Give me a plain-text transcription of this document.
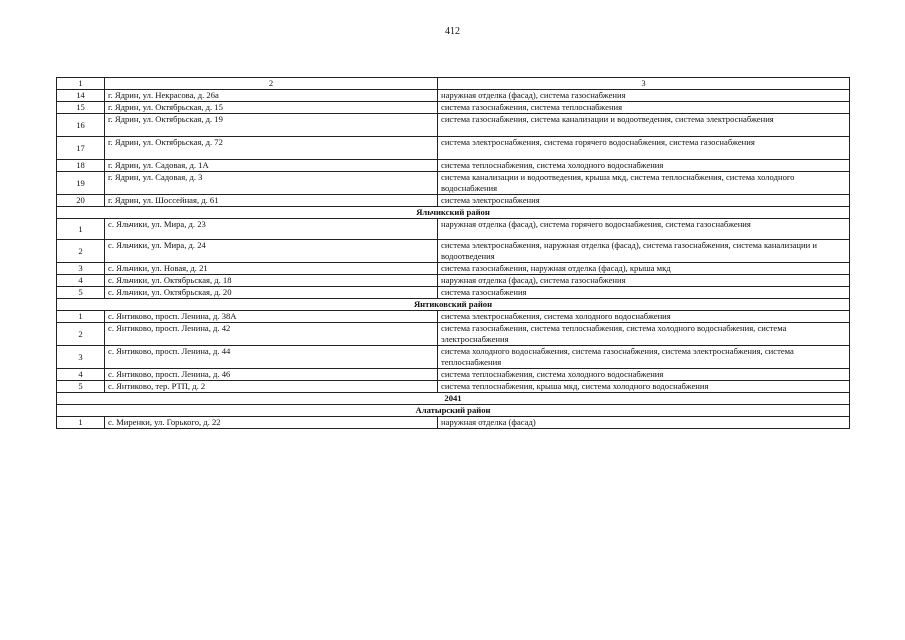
412
1	2	3
14	г. Ядрин, ул. Некрасова, д. 26а	наружная отделка (фасад), система газоснабжения
15	г. Ядрин, ул. Октябрьская, д. 15	система газоснабжения, система теплоснабжения
16	г. Ядрин, ул. Октябрьская, д. 19	система газоснабжения, система канализации и водоотведения, система электроснабжения
17	г. Ядрин, ул. Октябрьская, д. 72	система электроснабжения, система горячего водоснабжения, система газоснабжения
18	г. Ядрин, ул. Садовая, д. 1А	система теплоснабжения, система холодного водоснабжения
19	г. Ядрин, ул. Садовая, д. 3	система канализации и водоотведения, крыша мкд, система теплоснабжения, система холодного водоснабжения
20	г. Ядрин, ул. Шоссейная, д. 61	система электроснабжения
Яльчикский район		
1	с. Яльчики, ул. Мира, д. 23	наружная отделка (фасад), система горячего водоснабжения, система газоснабжения
2	с. Яльчики, ул. Мира, д. 24	система электроснабжения, наружная отделка (фасад), система газоснабжения, система канализации и водоотведения
3	с. Яльчики, ул. Новая, д. 21	система газоснабжения, наружная отделка (фасад), крыша мкд
4	с. Яльчики, ул. Октябрьская, д. 18	наружная отделка (фасад), система газоснабжения
5	с. Яльчики, ул. Октябрьская, д. 20	система газоснабжения
Янтиковский район		
1	с. Янтиково, просп. Ленина, д. 38А	система электроснабжения, система холодного водоснабжения
2	с. Янтиково, просп. Ленина, д. 42	система газоснабжения, система теплоснабжения, система холодного водоснабжения, система электроснабжения
3	с. Янтиково, просп. Ленина, д. 44	система холодного водоснабжения, система газоснабжения, система электроснабжения, система теплоснабжения
4	с. Янтиково, просп. Ленина, д. 46	система теплоснабжения, система холодного водоснабжения
5	с. Янтиково, тер. РТП, д. 2	система теплоснабжения, крыша мкд, система холодного водоснабжения
2041		
Алатырский район		
1	с. Миренки, ул. Горького, д. 22	наружная отделка (фасад)
